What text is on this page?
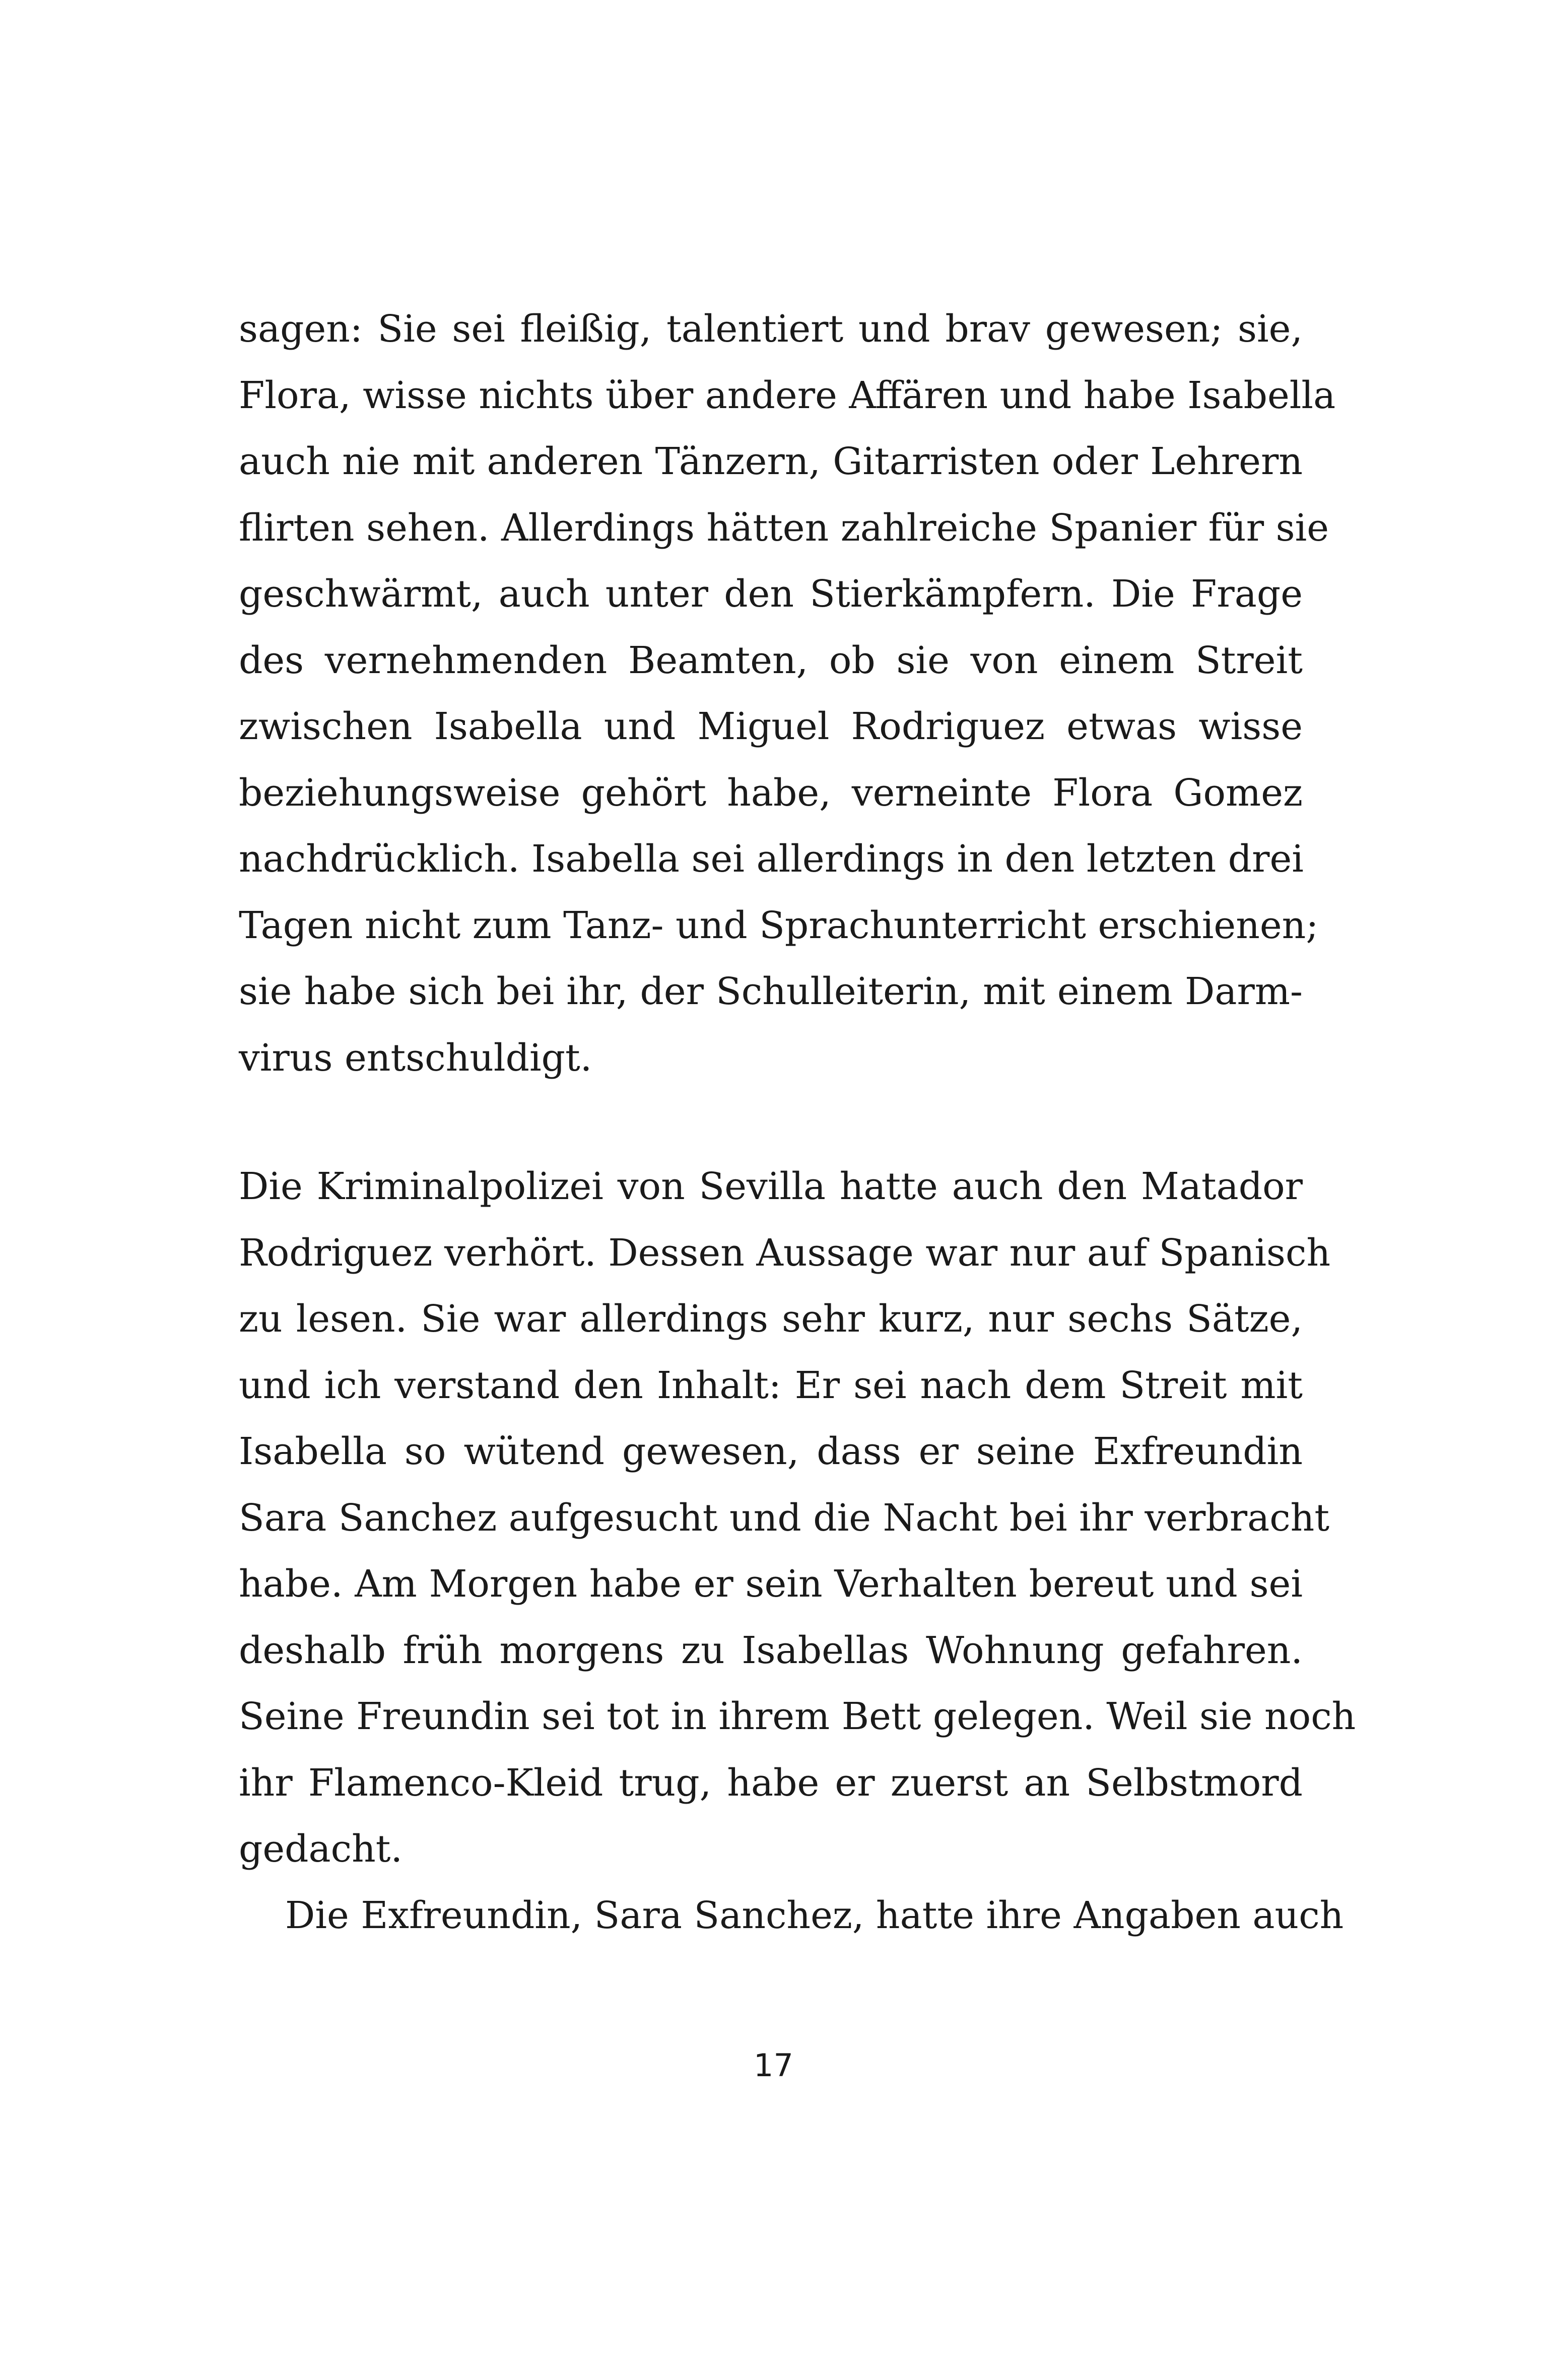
sagen: Sie sei fleißig, talentiert und brav gewesen; sie,
Flora, wisse nichts über andere Affären und habe Isabella
auch nie mit anderen Tänzern, Gitarristen oder Lehrern
flirten sehen. Allerdings hätten zahlreiche Spanier für sie
geschwärmt, auch unter den Stierkämpfern. Die Frage
des vernehmenden Beamten, ob sie von einem Streit
zwischen Isabella und Miguel Rodriguez etwas wisse
beziehungsweise gehört habe, verneinte Flora Gomez
nachdrücklich. Isabella sei allerdings in den letzten drei
Tagen nicht zum Tanz- und Sprachunterricht erschienen;
sie habe sich bei ihr, der Schulleiterin, mit einem Darm-
virus entschuldigt.
Die Kriminalpolizei von Sevilla hatte auch den Matador
Rodriguez verhört. Dessen Aussage war nur auf Spanisch
zu lesen. Sie war allerdings sehr kurz, nur sechs Sätze,
und ich verstand den Inhalt: Er sei nach dem Streit mit
Isabella so wütend gewesen, dass er seine Exfreundin
Sara Sanchez aufgesucht und die Nacht bei ihr verbracht
habe. Am Morgen habe er sein Verhalten bereut und sei
deshalb früh morgens zu Isabellas Wohnung gefahren.
Seine Freundin sei tot in ihrem Bett gelegen. Weil sie noch
ihr Flamenco-Kleid trug, habe er zuerst an Selbstmord
gedacht.
Die Exfreundin, Sara Sanchez, hatte ihre Angaben auch
17
